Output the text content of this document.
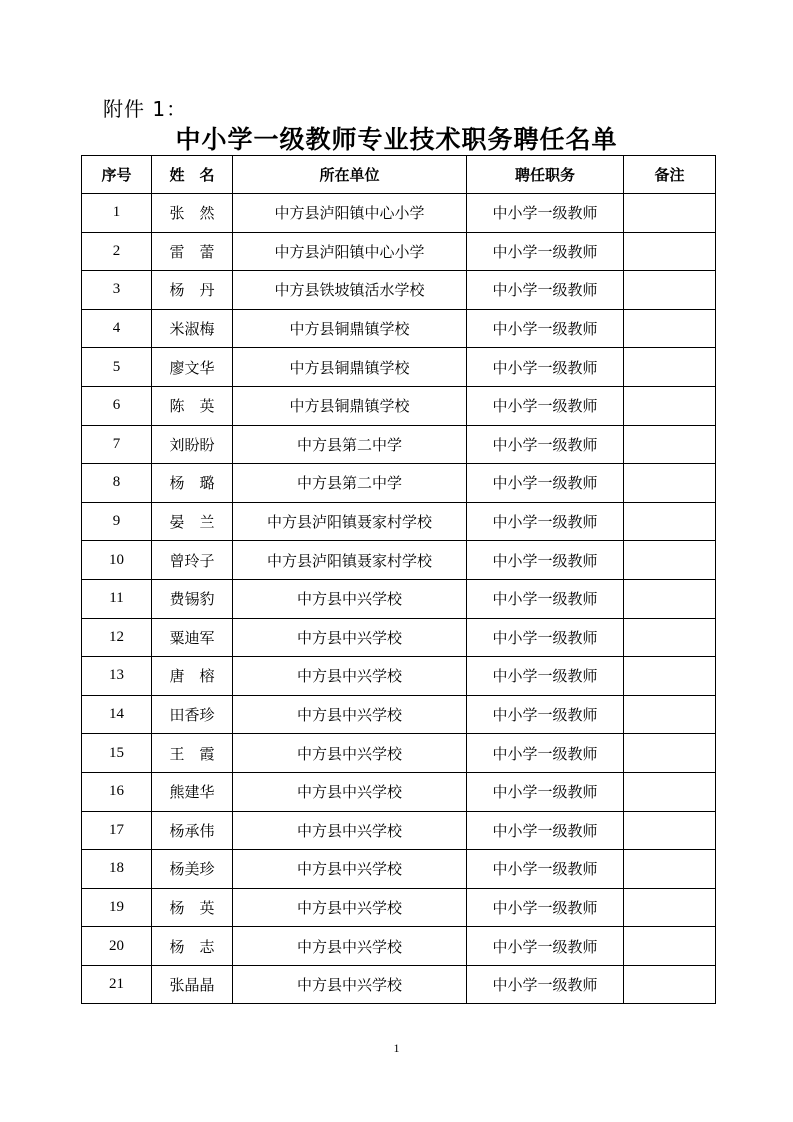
附件 1：
中小学一级教师专业技术职务聘任名单
序号	姓　名	所在单位	聘任职务	备注
1	张　然	中方县泸阳镇中心小学	中小学一级教师	
2	雷　蕾	中方县泸阳镇中心小学	中小学一级教师	
3	杨　丹	中方县铁坡镇活水学校	中小学一级教师	
4	米淑梅	中方县铜鼎镇学校	中小学一级教师	
5	廖文华	中方县铜鼎镇学校	中小学一级教师	
6	陈　英	中方县铜鼎镇学校	中小学一级教师	
7	刘盼盼	中方县第二中学	中小学一级教师	
8	杨　璐	中方县第二中学	中小学一级教师	
9	晏　兰	中方县泸阳镇聂家村学校	中小学一级教师	
10	曾玲子	中方县泸阳镇聂家村学校	中小学一级教师	
11	费锡豹	中方县中兴学校	中小学一级教师	
12	粟迪军	中方县中兴学校	中小学一级教师	
13	唐　榕	中方县中兴学校	中小学一级教师	
14	田香珍	中方县中兴学校	中小学一级教师	
15	王　霞	中方县中兴学校	中小学一级教师	
16	熊建华	中方县中兴学校	中小学一级教师	
17	杨承伟	中方县中兴学校	中小学一级教师	
18	杨美珍	中方县中兴学校	中小学一级教师	
19	杨　英	中方县中兴学校	中小学一级教师	
20	杨　志	中方县中兴学校	中小学一级教师	
21	张晶晶	中方县中兴学校	中小学一级教师	
1
